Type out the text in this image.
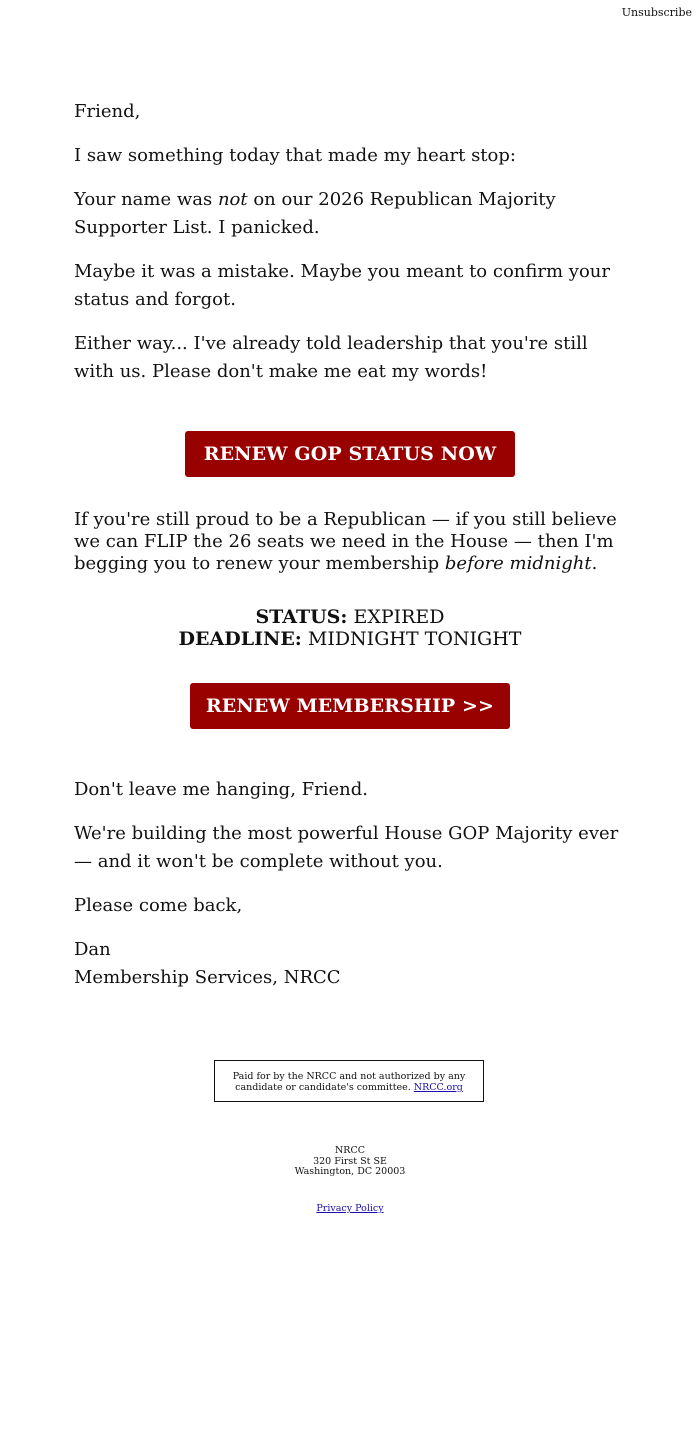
Unsubscribe

Friend,

I saw something today that made my heart stop:

Your name was not on our 2026 Republican Majority Supporter List. I panicked.

Maybe it was a mistake. Maybe you meant to confirm your status and forgot.

Either way... I've already told leadership that you're still with us. Please don't make me eat my words!

RENEW GOP STATUS NOW
If you're still proud to be a Republican — if you still believe we can FLIP the 26 seats we need in the House — then I'm begging you to renew your membership before midnight.
STATUS: EXPIRED
DEADLINE: MIDNIGHT TONIGHT
RENEW MEMBERSHIP >>

Don't leave me hanging, Friend.

We're building the most powerful House GOP Majority ever — and it won't be complete without you.

Please come back,

Dan
Membership Services, NRCC
Paid for by the NRCC and not authorized by any candidate or candidate's committee. NRCC.org
NRCC
320 First St SE
Washington, DC 20003
Privacy Policy
